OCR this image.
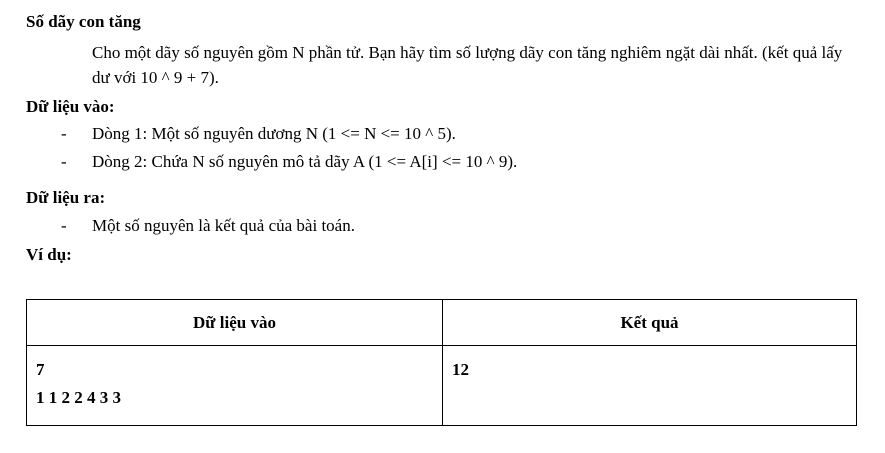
Số dãy con tăng
Cho một dãy số nguyên gồm N phần tử. Bạn hãy tìm số lượng dãy con tăng nghiêm ngặt dài nhất. (kết quả lấy dư với 10 ^ 9 + 7).
Dữ liệu vào:
- Dòng 1: Một số nguyên dương N (1 <= N <= 10 ^ 5).
- Dòng 2: Chứa N số nguyên mô tả dãy A (1 <= A[i] <= 10 ^ 9).
Dữ liệu ra:
- Một số nguyên là kết quả của bài toán.
Ví dụ:
Dữ liệu vào	Kết quả

7
1 1 2 2 4 3 3	12
